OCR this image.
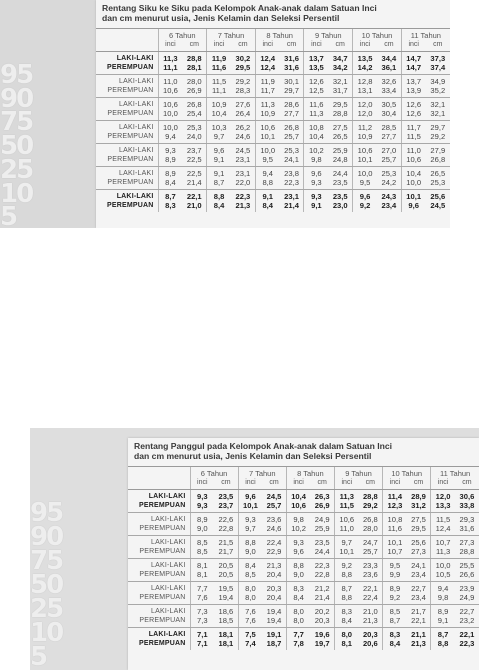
95
90
75
50
25
10
5
Rentang Siku ke Siku pada Kelompok Anak-anak dalam Satuan Inci
dan cm menurut usia, Jenis Kelamin dan Seleksi Persentil
	6 Tahun		7 Tahun		8 Tahun		9 Tahun		10 Tahun		11 Tahun	
	inci	cm	inci	cm	inci	cm	inci	cm	inci	cm	inci	cm
LAKI-LAKI	11,3	28,8	11,9	30,2	12,4	31,6	13,7	34,7	13,5	34,4	14,7	37,3
PEREMPUAN	11,1	28,1	11,6	29,5	12,4	31,6	13,5	34,2	14,2	36,1	14,7	37,4
LAKI-LAKI	11,0	28,0	11,5	29,2	11,9	30,1	12,6	32,1	12,8	32,6	13,7	34,9
PEREMPUAN	10,6	26,9	11,1	28,3	11,7	29,7	12,5	31,7	13,1	33,4	13,9	35,2
LAKI-LAKI	10,6	26,8	10,9	27,6	11,3	28,6	11,6	29,5	12,0	30,5	12,6	32,1
PEREMPUAN	10,0	25,4	10,4	26,4	10,9	27,7	11,3	28,8	12,0	30,4	12,6	32,1
LAKI-LAKI	10,0	25,3	10,3	26,2	10,6	26,8	10,8	27,5	11,2	28,5	11,7	29,7
PEREMPUAN	9,4	24,0	9,7	24,6	10,1	25,7	10,4	26,5	10,9	27,7	11,5	29,2
LAKI-LAKI	9,3	23,7	9,6	24,5	10,0	25,3	10,2	25,9	10,6	27,0	11,0	27,9
PEREMPUAN	8,9	22,5	9,1	23,1	9,5	24,1	9,8	24,8	10,1	25,7	10,6	26,8
LAKI-LAKI	8,9	22,5	9,1	23,1	9,4	23,8	9,6	24,4	10,0	25,3	10,4	26,5
PEREMPUAN	8,4	21,4	8,7	22,0	8,8	22,3	9,3	23,5	9,5	24,2	10,0	25,3
LAKI-LAKI	8,7	22,1	8,8	22,3	9,1	23,1	9,3	23,5	9,6	24,3	10,1	25,6
PEREMPUAN	8,3	21,0	8,4	21,3	8,4	21,4	9,1	23,0	9,2	23,4	9,6	24,5
95
90
75
50
25
10
5
Rentang Panggul pada Kelompok Anak-anak dalam Satuan Inci
dan cm menurut usia, Jenis Kelamin dan Seleksi Persentil
	6 Tahun		7 Tahun		8 Tahun		9 Tahun		10 Tahun		11 Tahun	
	inci	cm	inci	cm	inci	cm	inci	cm	inci	cm	inci	cm
LAKI-LAKI	9,3	23,5	9,6	24,5	10,4	26,3	11,3	28,8	11,4	28,9	12,0	30,6
PEREMPUAN	9,3	23,7	10,1	25,7	10,6	26,9	11,5	29,2	12,3	31,2	13,3	33,8
LAKI-LAKI	8,9	22,6	9,3	23,6	9,8	24,9	10,6	26,8	10,8	27,5	11,5	29,3
PEREMPUAN	9,0	22,8	9,7	24,6	10,2	25,9	11,0	28,0	11,6	29,5	12,4	31,6
LAKI-LAKI	8,5	21,5	8,8	22,4	9,3	23,5	9,7	24,7	10,1	25,6	10,7	27,3
PEREMPUAN	8,5	21,7	9,0	22,9	9,6	24,4	10,1	25,7	10,7	27,3	11,3	28,8
LAKI-LAKI	8,1	20,5	8,4	21,3	8,8	22,3	9,2	23,3	9,5	24,1	10,0	25,5
PEREMPUAN	8,1	20,5	8,5	20,4	9,0	22,8	8,8	23,6	9,9	23,4	10,5	26,6
LAKI-LAKI	7,7	19,5	8,0	20,3	8,3	21,2	8,7	22,1	8,9	22,7	9,4	23,9
PEREMPUAN	7,6	19,4	8,0	20,4	8,4	21,4	8,8	22,4	9,2	23,4	9,8	24,9
LAKI-LAKI	7,3	18,6	7,6	19,4	8,0	20,2	8,3	21,0	8,5	21,7	8,9	22,7
PEREMPUAN	7,3	18,5	7,6	19,4	8,0	20,3	8,4	21,3	8,7	22,1	9,1	23,2
LAKI-LAKI	7,1	18,1	7,5	19,1	7,7	19,6	8,0	20,3	8,3	21,1	8,7	22,1
PEREMPUAN	7,1	18,1	7,4	18,7	7,8	19,7	8,1	20,6	8,4	21,3	8,8	22,3
